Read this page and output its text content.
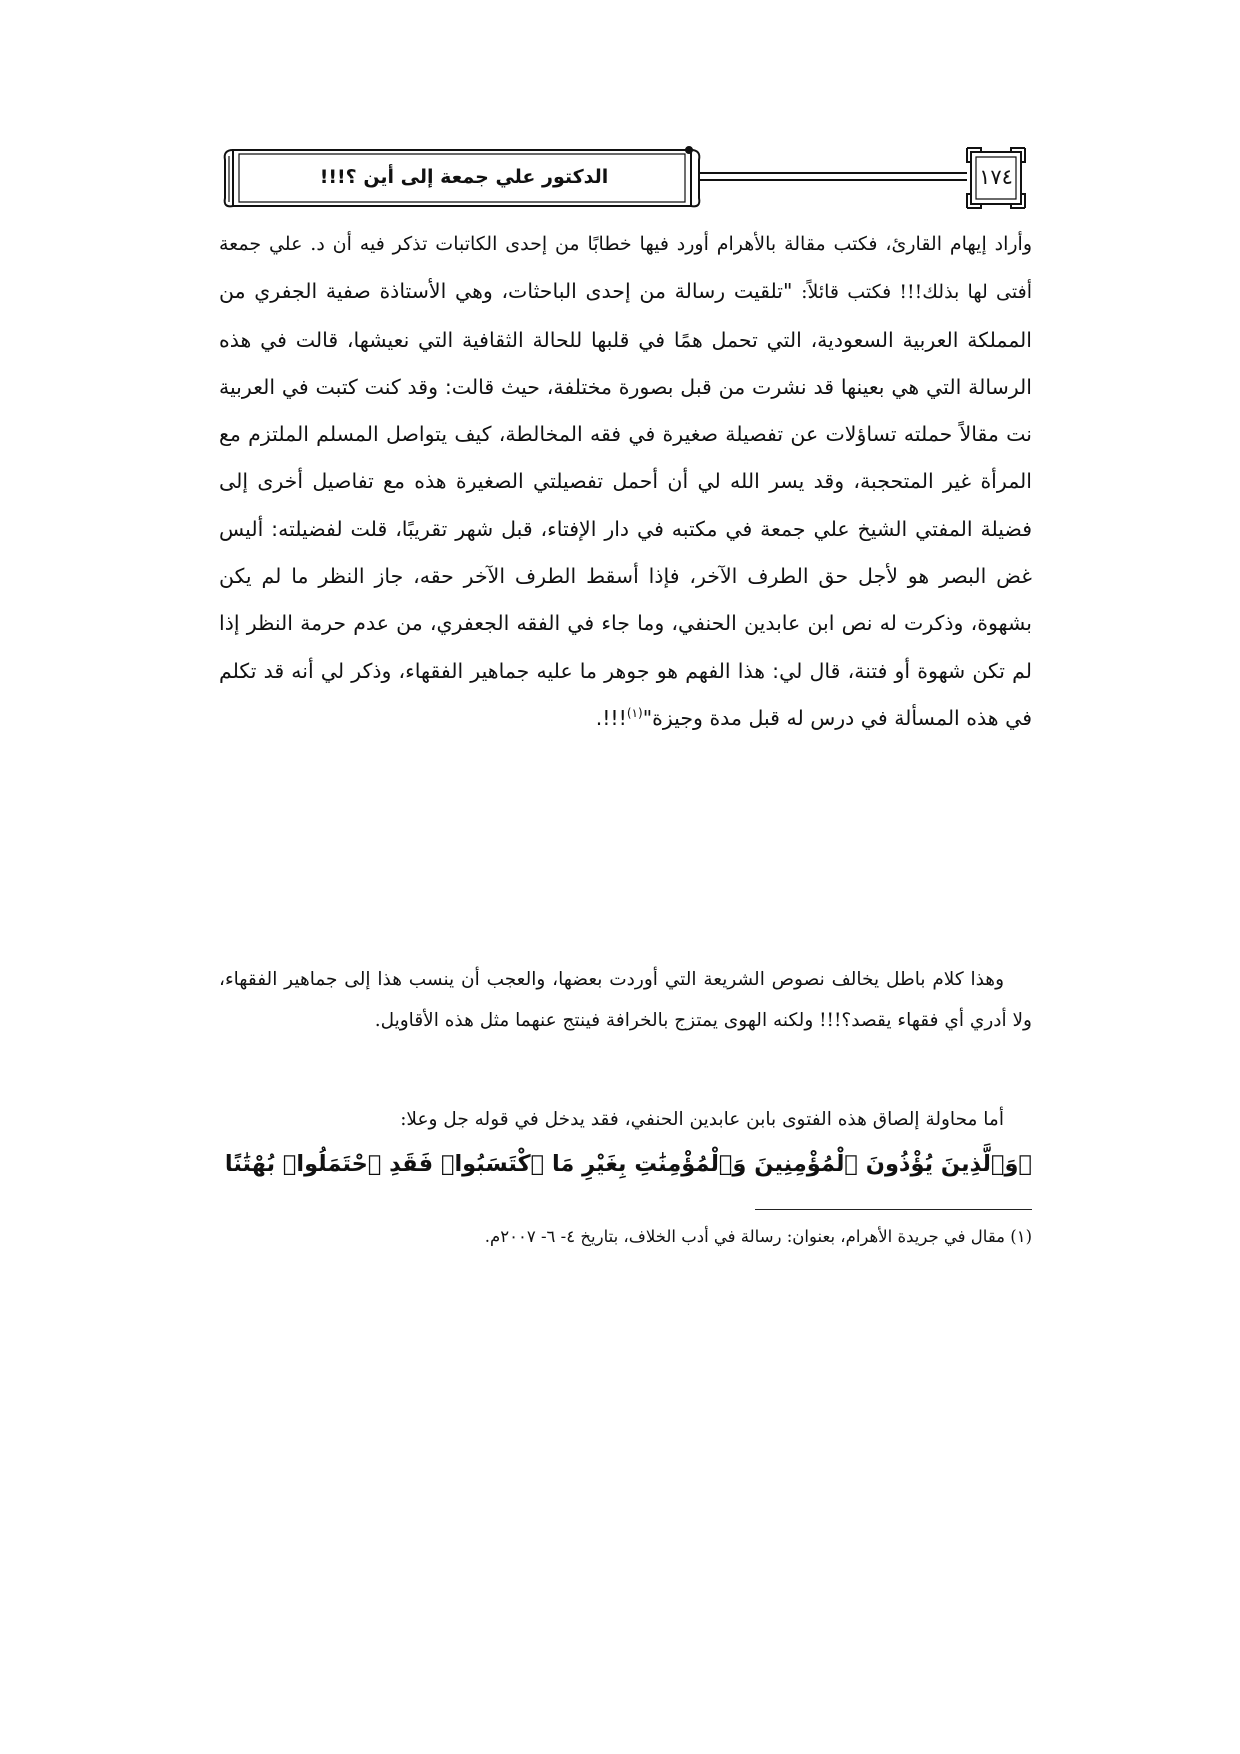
الدكتور علي جمعة إلى أين ؟!!!	١٧٤
وأراد إيهام القارئ، فكتب مقالة بالأهرام أورد فيها خطابًا من إحدى الكاتبات تذكر فيه أن د. علي جمعة أفتى لها بذلك!!! فكتب قائلاً: "تلقيت رسالة من إحدى الباحثات، وهي الأستاذة صفية الجفري من المملكة العربية السعودية، التي تحمل همًا في قلبها للحالة الثقافية التي نعيشها، قالت في هذه الرسالة التي هي بعينها قد نشرت من قبل بصورة مختلفة، حيث قالت: وقد كنت كتبت في العربية نت مقالاً حملته تساؤلات عن تفصيلة صغيرة في فقه المخالطة، كيف يتواصل المسلم الملتزم مع المرأة غير المتحجبة، وقد يسر الله لي أن أحمل تفصيلتي الصغيرة هذه مع تفاصيل أخرى إلى فضيلة المفتي الشيخ علي جمعة في مكتبه في دار الإفتاء، قبل شهر تقريبًا، قلت لفضيلته: أليس غض البصر هو لأجل حق الطرف الآخر، فإذا أسقط الطرف الآخر حقه، جاز النظر ما لم يكن بشهوة، وذكرت له نص ابن عابدين الحنفي، وما جاء في الفقه الجعفري، من عدم حرمة النظر إذا لم تكن شهوة أو فتنة، قال لي: هذا الفهم هو جوهر ما عليه جماهير الفقهاء، وذكر لي أنه قد تكلم في هذه المسألة في درس له قبل مدة وجيزة"$^{(١)}$!!!.
وهذا كلام باطل يخالف نصوص الشريعة التي أوردت بعضها، والعجب أن ينسب هذا إلى جماهير الفقهاء، ولا أدري أي فقهاء يقصد؟!!! ولكنه الهوى يمتزج بالخرافة فينتج عنهما مثل هذه الأقاويل.
أما محاولة إلصاق هذه الفتوى بابن عابدين الحنفي، فقد يدخل في قوله جل وعلا:
﴿وَٱلَّذِينَ يُؤْذُونَ ٱلْمُؤْمِنِينَ وَٱلْمُؤْمِنَٰتِ بِغَيْرِ مَا ٱكْتَسَبُوا۟ فَقَدِ ٱحْتَمَلُوا۟ بُهْتَٰنًا
(١) مقال في جريدة الأهرام، بعنوان: رسالة في أدب الخلاف، بتاريخ ٤- ٦- ٢٠٠٧م.
